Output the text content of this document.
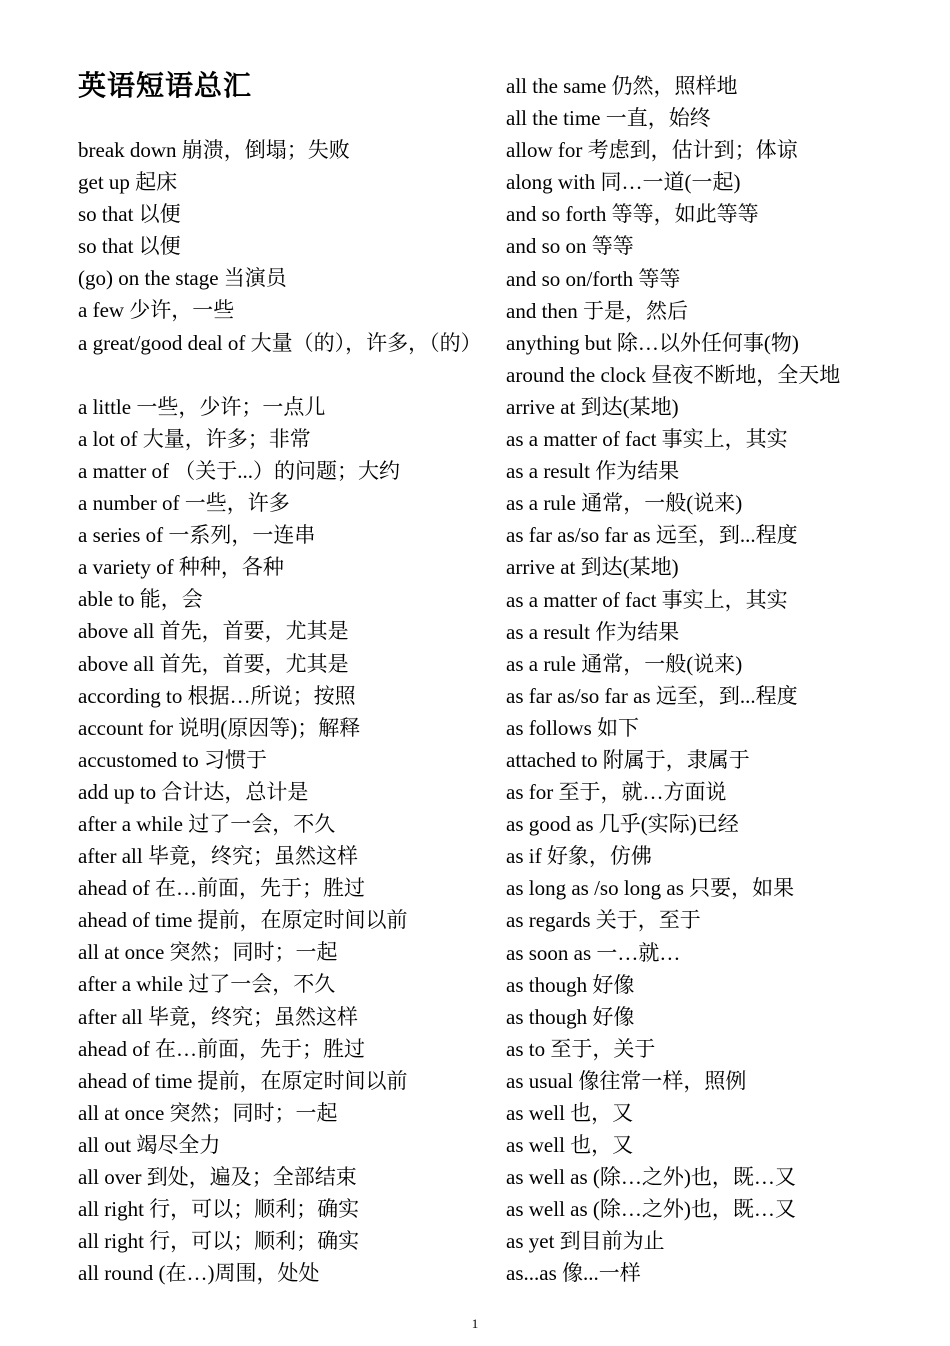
英语短语总汇
break down 崩溃，倒塌；失败
get up 起床
so that 以便
so that 以便
(go) on the stage 当演员
a few 少许，一些
a great/good deal of 大量（的），许多，（的）
a little 一些，少许；一点儿
a lot of 大量，许多；非常
a matter of （关于...）的问题；大约
a number of 一些，许多
a series of 一系列，一连串
a variety of 种种，各种
able to 能，会
above all 首先，首要，尤其是
above all 首先，首要，尤其是
according to 根据…所说；按照
account for 说明(原因等)；解释
accustomed to 习惯于
add up to 合计达，总计是
after a while 过了一会，不久
after all 毕竟，终究；虽然这样
ahead of 在…前面，先于；胜过
ahead of time 提前，在原定时间以前
all at once 突然；同时；一起
after a while 过了一会，不久
after all 毕竟，终究；虽然这样
ahead of 在…前面，先于；胜过
ahead of time 提前，在原定时间以前
all at once 突然；同时；一起
all out 竭尽全力
all over 到处，遍及；全部结束
all right 行，可以；顺利；确实
all right 行，可以；顺利；确实
all round (在…)周围，处处
all the same 仍然，照样地
all the time 一直，始终
allow for 考虑到，估计到；体谅
along with 同…一道(一起)
and so forth 等等，如此等等
and so on 等等
and so on/forth 等等
and then 于是，然后
anything but 除…以外任何事(物)
around the clock 昼夜不断地，全天地
arrive at 到达(某地)
as a matter of fact 事实上，其实
as a result 作为结果
as a rule 通常，一般(说来)
as far as/so far as 远至，到...程度
arrive at 到达(某地)
as a matter of fact 事实上，其实
as a result 作为结果
as a rule 通常，一般(说来)
as far as/so far as 远至，到...程度
as follows 如下
attached to 附属于，隶属于
as for 至于，就…方面说
as good as 几乎(实际)已经
as if 好象，仿佛
as long as /so long as 只要，如果
as regards 关于，至于
as soon as 一…就…
as though 好像
as though 好像
as to 至于，关于
as usual 像往常一样，照例
as well 也，又
as well 也，又
as well as (除…之外)也，既…又
as well as (除…之外)也，既…又
as yet 到目前为止
as...as 像...一样
1
